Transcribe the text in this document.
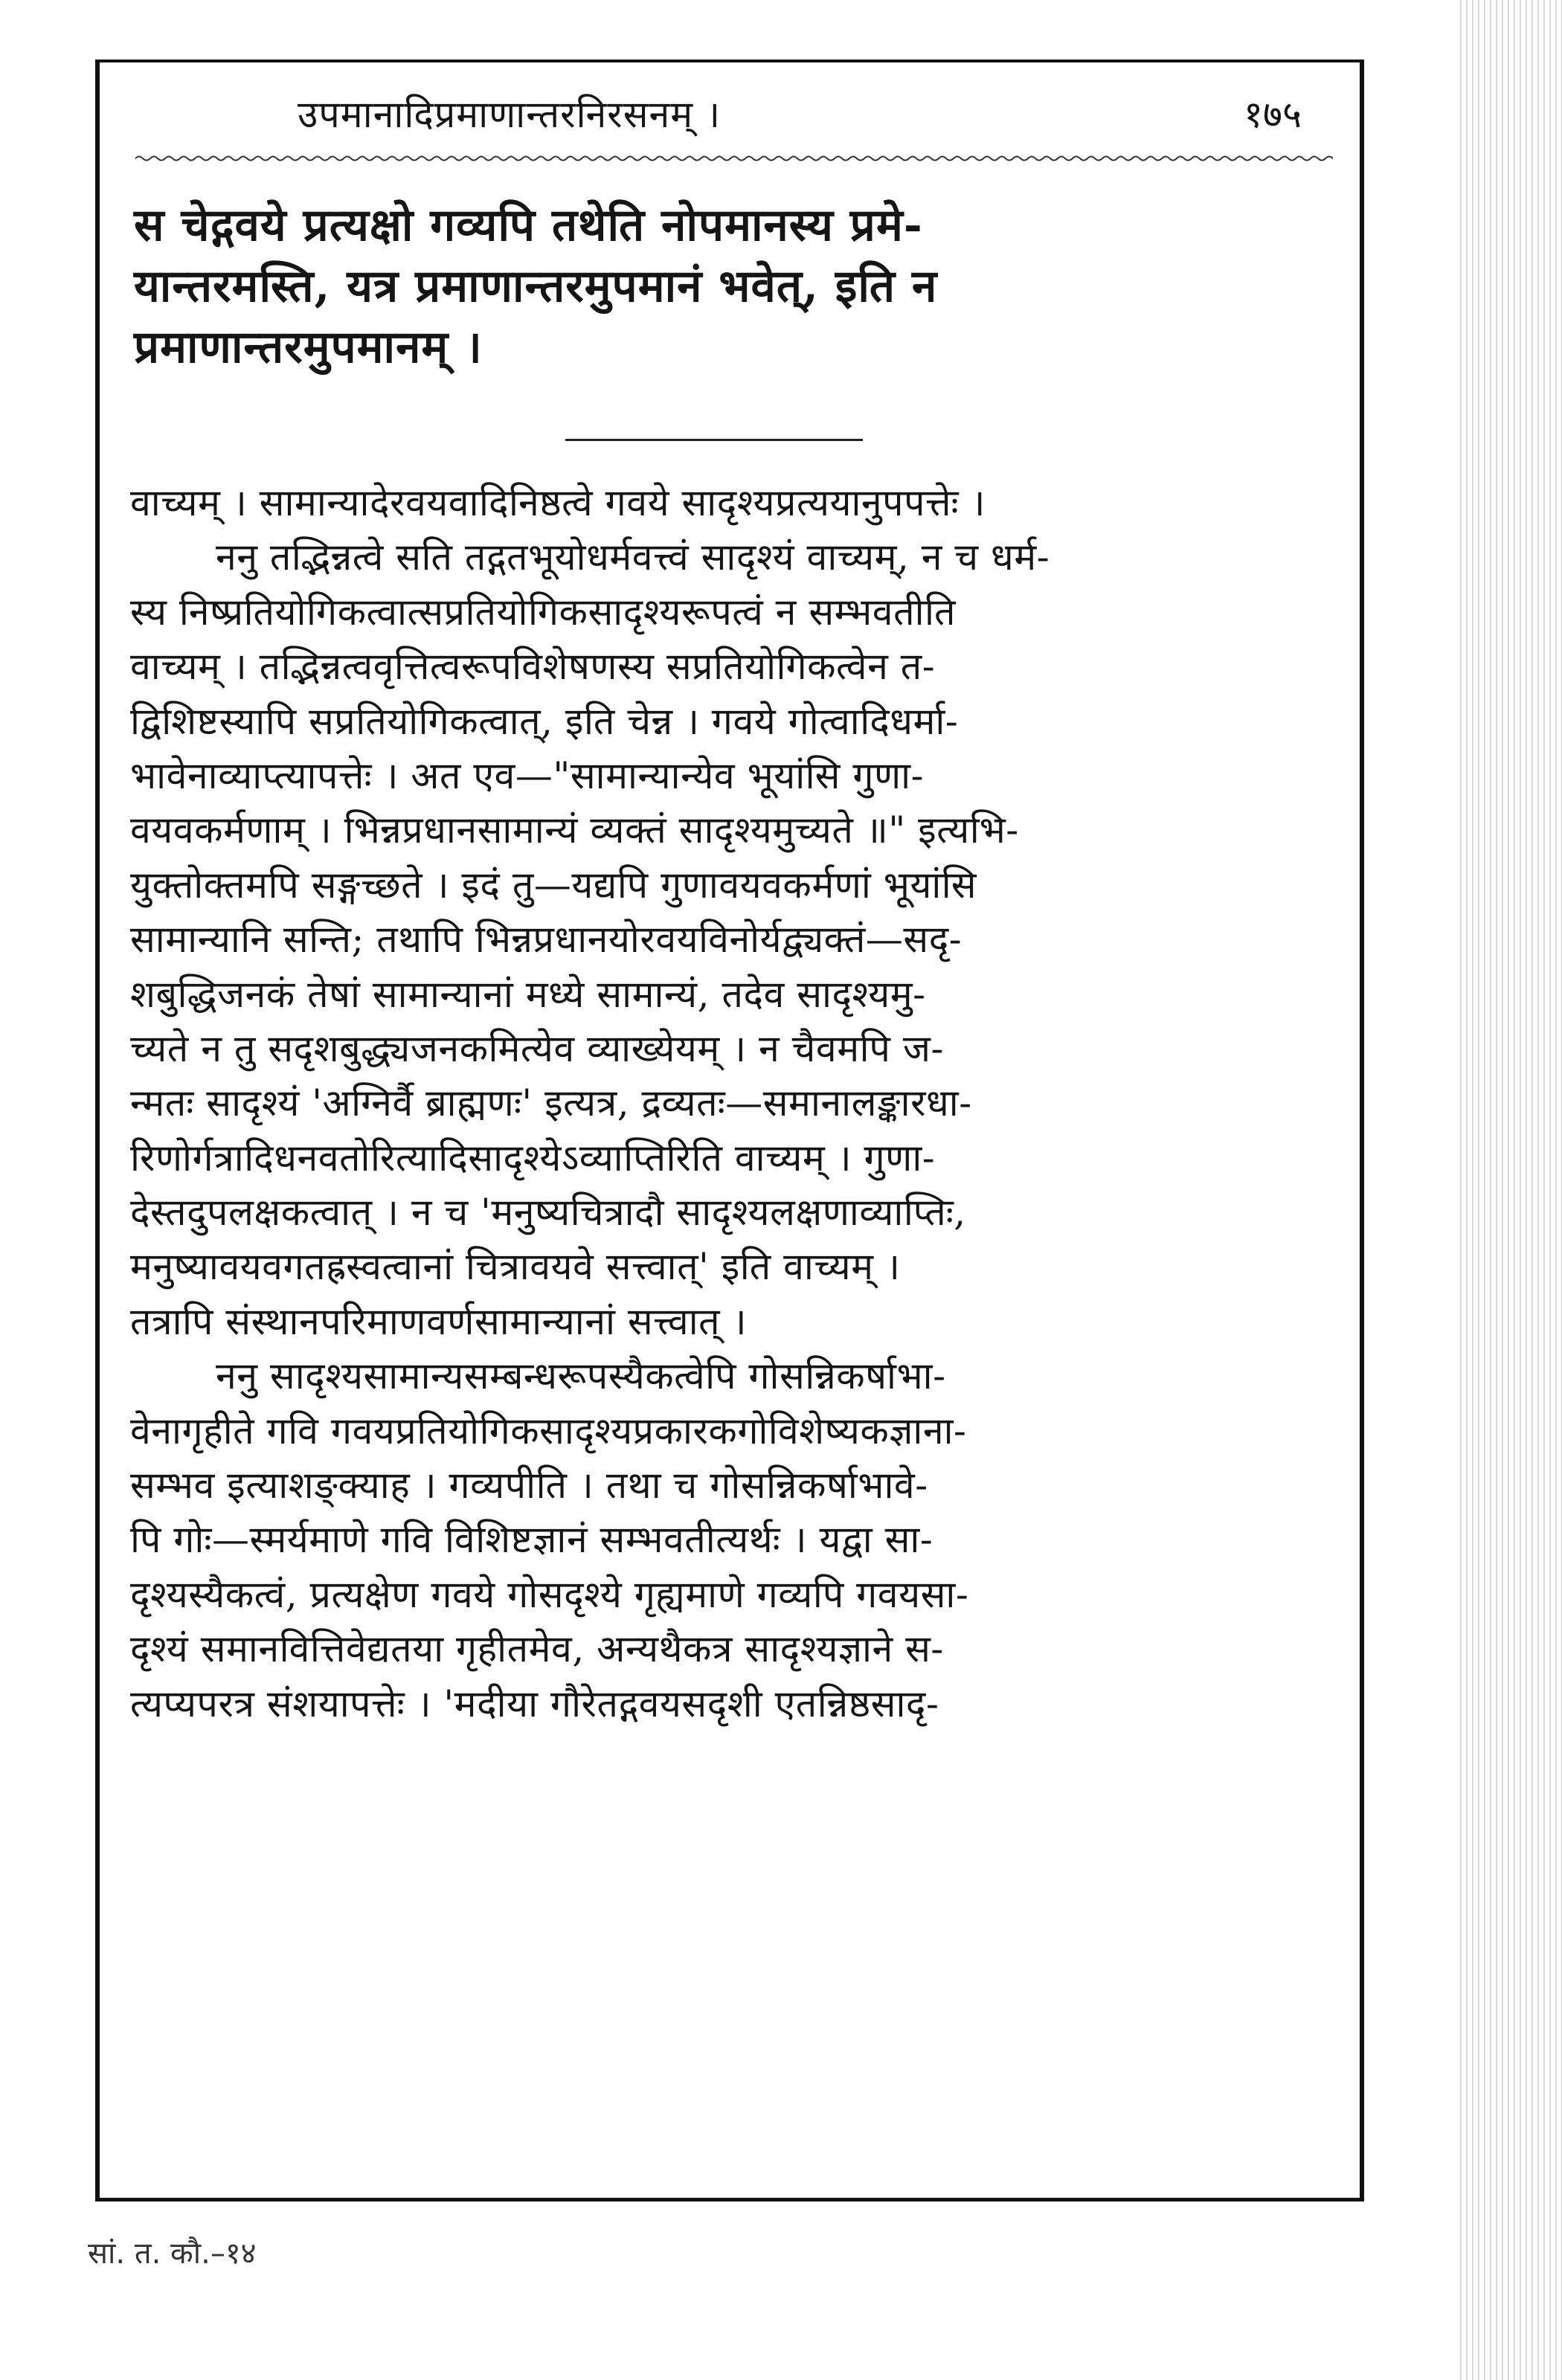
उपमानादिप्रमाणान्तरनिरसनम् ।	१७५
स चेद्गवये प्रत्यक्षो गव्यपि तथेति नोपमानस्य प्रमे-
यान्तरमस्ति, यत्र प्रमाणान्तरमुपमानं भवेत्, इति न
प्रमाणान्तरमुपमानम् ।
वाच्यम् । सामान्यादेरवयवादिनिष्ठत्वे गवये सादृश्यप्रत्ययानुपपत्तेः ।
ननु तद्भिन्नत्वे सति तद्गतभूयोधर्मवत्त्वं सादृश्यं वाच्यम्, न च धर्म-
स्य निष्प्रतियोगिकत्वात्सप्रतियोगिकसादृश्यरूपत्वं न सम्भवतीति
वाच्यम् । तद्भिन्नत्ववृत्तित्वरूपविशेषणस्य सप्रतियोगिकत्वेन त-
द्विशिष्टस्यापि सप्रतियोगिकत्वात्, इति चेन्न । गवये गोत्वादिधर्मा-
भावेनाव्याप्त्यापत्तेः । अत एव—"सामान्यान्येव भूयांसि गुणा-
वयवकर्मणाम् । भिन्नप्रधानसामान्यं व्यक्तं सादृश्यमुच्यते ॥" इत्यभि-
युक्तोक्तमपि सङ्गच्छते । इदं तु—यद्यपि गुणावयवकर्मणां भूयांसि
सामान्यानि सन्ति; तथापि भिन्नप्रधानयोरवयविनोर्यद्व्यक्तं—सदृ-
शबुद्धिजनकं तेषां सामान्यानां मध्ये सामान्यं, तदेव सादृश्यमु-
च्यते न तु सदृशबुद्ध्यजनकमित्येव व्याख्येयम् । न चैवमपि ज-
न्मतः सादृश्यं 'अग्निर्वै ब्राह्मणः' इत्यत्र, द्रव्यतः—समानालङ्कारधा-
रिणोर्गत्रादिधनवतोरित्यादिसादृश्येऽव्याप्तिरिति वाच्यम् । गुणा-
देस्तदुपलक्षकत्वात् । न च 'मनुष्यचित्रादौ सादृश्यलक्षणाव्याप्तिः,
मनुष्यावयवगतह्रस्वत्वानां चित्रावयवे सत्त्वात्' इति वाच्यम् ।
तत्रापि संस्थानपरिमाणवर्णसामान्यानां सत्त्वात् ।
ननु सादृश्यसामान्यसम्बन्धरूपस्यैकत्वेपि गोसन्निकर्षाभा-
वेनागृहीते गवि गवयप्रतियोगिकसादृश्यप्रकारकगोविशेष्यकज्ञाना-
सम्भव इत्याशङ्क्याह । गव्यपीति । तथा च गोसन्निकर्षाभावे-
पि गोः—स्मर्यमाणे गवि विशिष्टज्ञानं सम्भवतीत्यर्थः । यद्वा सा-
दृश्यस्यैकत्वं, प्रत्यक्षेण गवये गोसदृश्ये गृह्यमाणे गव्यपि गवयसा-
दृश्यं समानवित्तिवेद्यतया गृहीतमेव, अन्यथैकत्र सादृश्यज्ञाने स-
त्यप्यपरत्र संशयापत्तेः । 'मदीया गौरेतद्गवयसदृशी एतन्निष्ठसादृ-
सां. त. कौ.–१४
